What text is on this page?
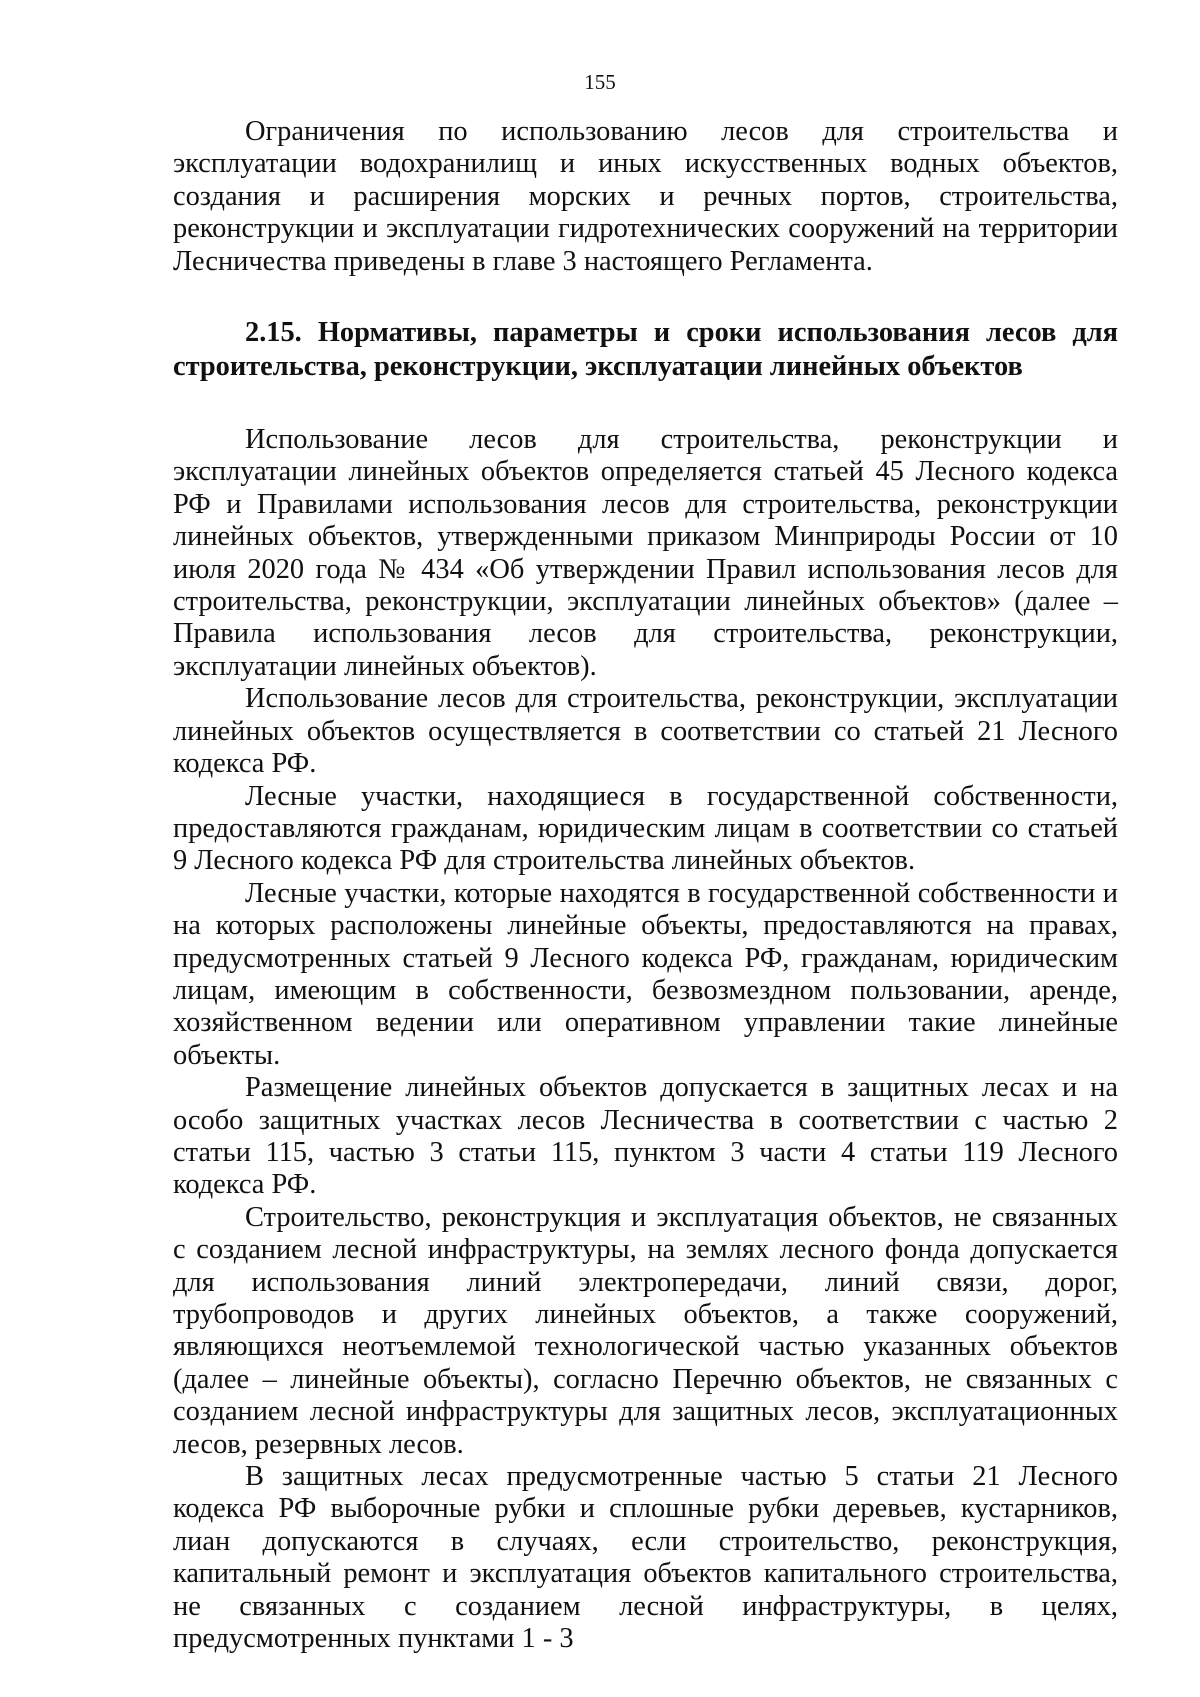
155

Ограничения по использованию лесов для строительства и эксплуатации водохранилищ и иных искусственных водных объектов, создания и расширения морских и речных портов, строительства, реконструкции и эксплуатации гидротехнических сооружений на территории Лесничества приведены в главе 3 настоящего Регламента.

2.15. Нормативы, параметры и сроки использования лесов для строительства, реконструкции, эксплуатации линейных объектов

Использование лесов для строительства, реконструкции и эксплуатации линейных объектов определяется статьей 45 Лесного кодекса РФ и Правилами использования лесов для строительства, реконструкции линейных объектов, утвержденными приказом Минприроды России от 10 июля 2020 года № 434 «Об утверждении Правил использования лесов для строительства, реконструкции, эксплуатации линейных объектов» (далее – Правила использования лесов для строительства, реконструкции, эксплуатации линейных объектов).

Использование лесов для строительства, реконструкции, эксплуатации линейных объектов осуществляется в соответствии со статьей 21 Лесного кодекса РФ.

Лесные участки, находящиеся в государственной собственности, предоставляются гражданам, юридическим лицам в соответствии со статьей 9 Лесного кодекса РФ для строительства линейных объектов.

Лесные участки, которые находятся в государственной собственности и на которых расположены линейные объекты, предоставляются на правах, предусмотренных статьей 9 Лесного кодекса РФ, гражданам, юридическим лицам, имеющим в собственности, безвозмездном пользовании, аренде, хозяйственном ведении или оперативном управлении такие линейные объекты.

Размещение линейных объектов допускается в защитных лесах и на особо защитных участках лесов Лесничества в соответствии с частью 2 статьи 115, частью 3 статьи 115, пунктом 3 части 4 статьи 119 Лесного кодекса РФ.

Строительство, реконструкция и эксплуатация объектов, не связанных с созданием лесной инфраструктуры, на землях лесного фонда допускается для использования линий электропередачи, линий связи, дорог, трубопроводов и других линейных объектов, а также сооружений, являющихся неотъемлемой технологической частью указанных объектов (далее – линейные объекты), согласно Перечню объектов, не связанных с созданием лесной инфраструктуры для защитных лесов, эксплуатационных лесов, резервных лесов.

В защитных лесах предусмотренные частью 5 статьи 21 Лесного кодекса РФ выборочные рубки и сплошные рубки деревьев, кустарников, лиан допускаются в случаях, если строительство, реконструкция, капитальный ремонт и эксплуатация объектов капитального строительства, не связанных с созданием лесной инфраструктуры, в целях, предусмотренных пунктами 1 - 3
